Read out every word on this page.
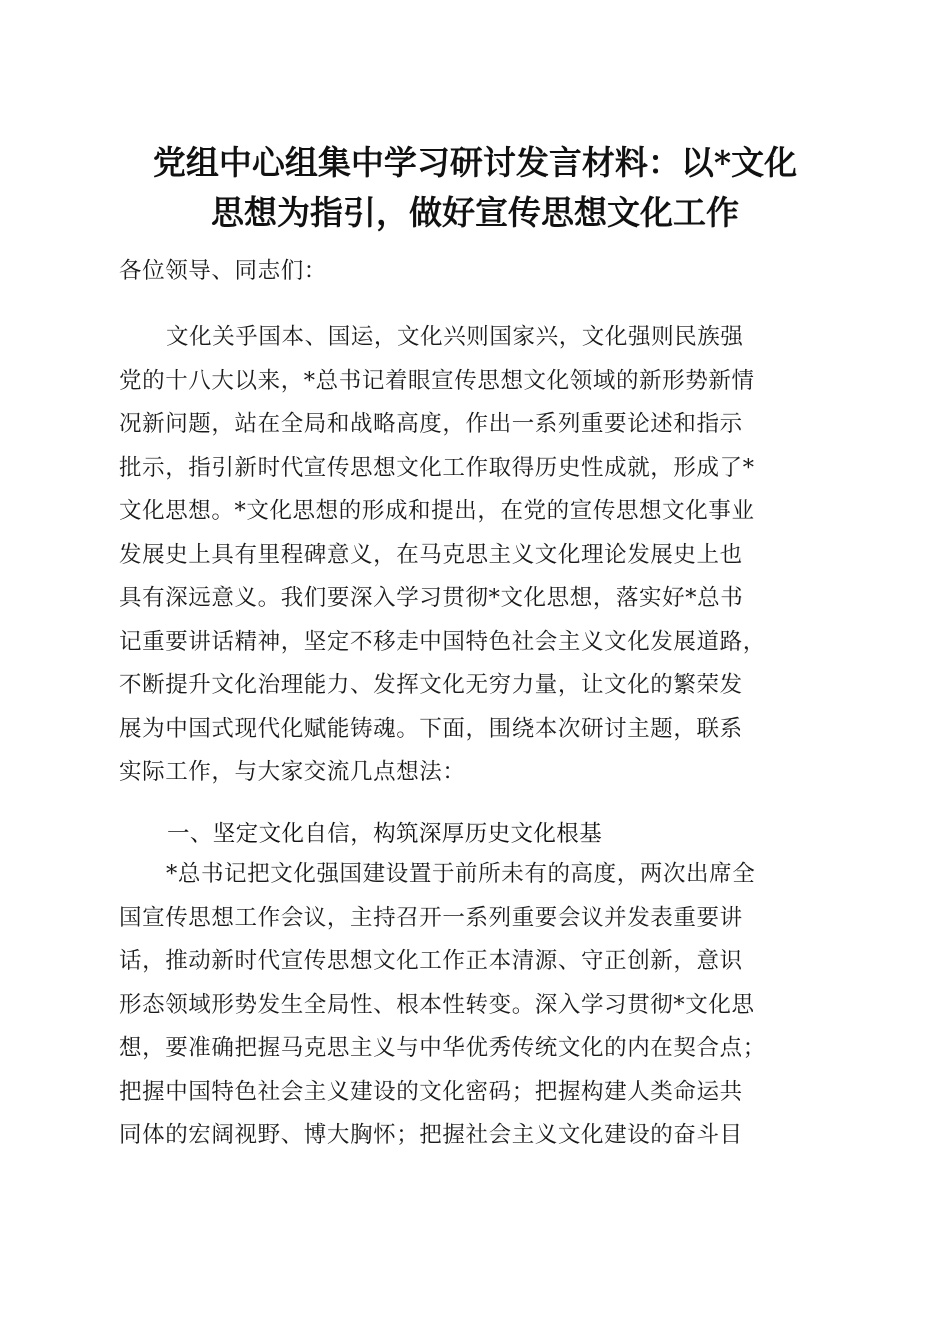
党组中心组集中学习研讨发言材料：以*文化
思想为指引，做好宣传思想文化工作
各位领导、同志们：
文化关乎国本、国运，文化兴则国家兴，文化强则民族强
党的十八大以来，*总书记着眼宣传思想文化领域的新形势新情
况新问题，站在全局和战略高度，作出一系列重要论述和指示
批示，指引新时代宣传思想文化工作取得历史性成就，形成了*
文化思想。*文化思想的形成和提出，在党的宣传思想文化事业
发展史上具有里程碑意义，在马克思主义文化理论发展史上也
具有深远意义。我们要深入学习贯彻*文化思想，落实好*总书
记重要讲话精神，坚定不移走中国特色社会主义文化发展道路，
不断提升文化治理能力、发挥文化无穷力量，让文化的繁荣发
展为中国式现代化赋能铸魂。下面，围绕本次研讨主题，联系
实际工作，与大家交流几点想法：
一、坚定文化自信，构筑深厚历史文化根基
*总书记把文化强国建设置于前所未有的高度，两次出席全
国宣传思想工作会议，主持召开一系列重要会议并发表重要讲
话，推动新时代宣传思想文化工作正本清源、守正创新，意识
形态领域形势发生全局性、根本性转变。深入学习贯彻*文化思
想，要准确把握马克思主义与中华优秀传统文化的内在契合点；
把握中国特色社会主义建设的文化密码；把握构建人类命运共
同体的宏阔视野、博大胸怀；把握社会主义文化建设的奋斗目
